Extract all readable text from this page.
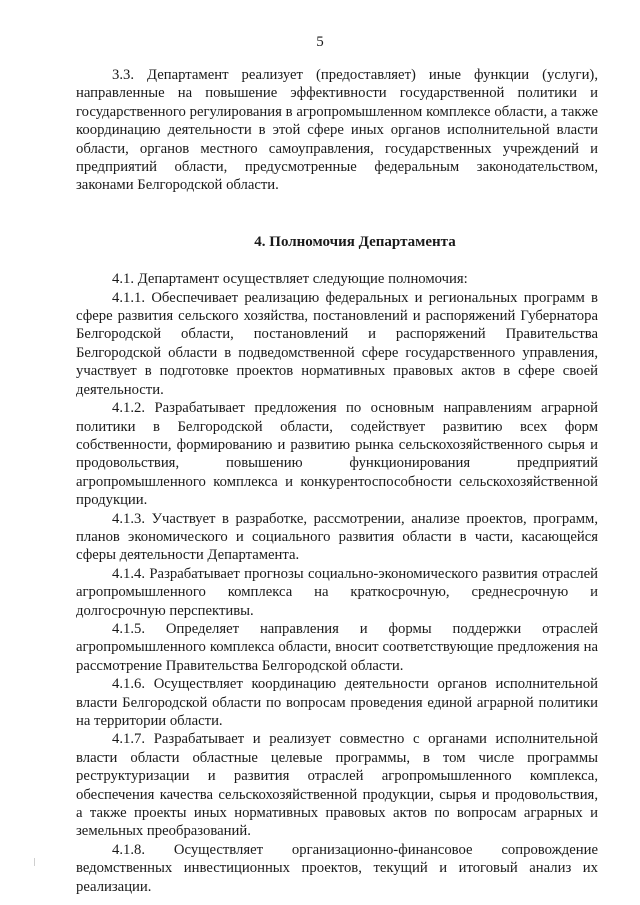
5

3.3. Департамент реализует (предоставляет) иные функции (услуги), направленные на повышение эффективности государственной политики и государственного регулирования в агропромышленном комплексе области, а также координацию деятельности в этой сфере иных органов исполнительной власти области, органов местного самоуправления, государственных учреждений и предприятий области, предусмотренные федеральным законодательством, законами Белгородской области.

4. Полномочия Департамента

4.1. Департамент осуществляет следующие полномочия:

4.1.1. Обеспечивает реализацию федеральных и региональных программ в сфере развития сельского хозяйства, постановлений и распоряжений Губернатора Белгородской области, постановлений и распоряжений Правительства Белгородской области в подведомственной сфере государственного управления, участвует в подготовке проектов нормативных правовых актов в сфере своей деятельности.

4.1.2. Разрабатывает предложения по основным направлениям аграрной политики в Белгородской области, содействует развитию всех форм собственности, формированию и развитию рынка сельскохозяйственного сырья и продовольствия, повышению функционирования предприятий агропромышленного комплекса и конкурентоспособности сельскохозяйственной продукции.

4.1.3. Участвует в разработке, рассмотрении, анализе проектов, программ, планов экономического и социального развития области в части, касающейся сферы деятельности Департамента.

4.1.4. Разрабатывает прогнозы социально-экономического развития отраслей агропромышленного комплекса на краткосрочную, среднесрочную и долгосрочную перспективы.

4.1.5. Определяет направления и формы поддержки отраслей агропромышленного комплекса области, вносит соответствующие предложения на рассмотрение Правительства Белгородской области.

4.1.6. Осуществляет координацию деятельности органов исполнительной власти Белгородской области по вопросам проведения единой аграрной политики на территории области.

4.1.7. Разрабатывает и реализует совместно с органами исполнительной власти области областные целевые программы, в том числе программы реструктуризации и развития отраслей агропромышленного комплекса, обеспечения качества сельскохозяйственной продукции, сырья и продовольствия, а также проекты иных нормативных правовых актов по вопросам аграрных и земельных преобразований.

4.1.8. Осуществляет организационно-финансовое сопровождение ведомственных инвестиционных проектов, текущий и итоговый анализ их реализации.
